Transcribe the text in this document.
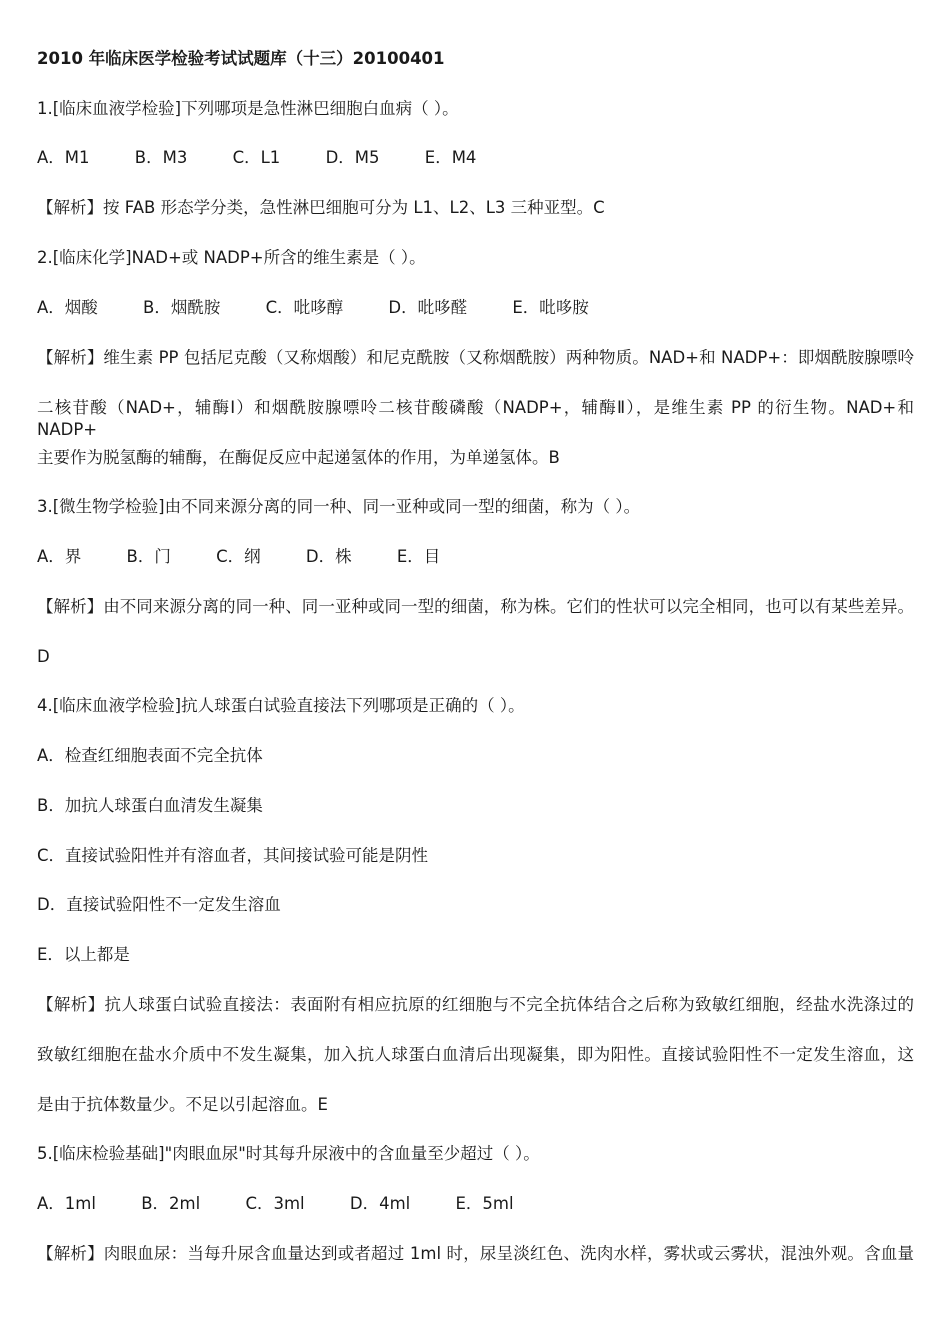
2010 年临床医学检验考试试题库（十三）20100401
1.[临床血液学检验]下列哪项是急性淋巴细胞白血病（ ）。
A．M1	B．M3	C．L1	D．M5	E．M4
【解析】按 FAB 形态学分类，急性淋巴细胞可分为 L1、L2、L3 三种亚型。C
2.[临床化学]NAD+或 NADP+所含的维生素是（ ）。
A．烟酸	B．烟酰胺	C．吡哆醇	D．吡哆醛	E．吡哆胺
【解析】维生素 PP 包括尼克酸（又称烟酸）和尼克酰胺（又称烟酰胺）两种物质。NAD+和 NADP+：即烟酰胺腺嘌呤
二核苷酸（NAD+，辅酶Ⅰ）和烟酰胺腺嘌呤二核苷酸磷酸（NADP+，辅酶Ⅱ），是维生素 PP 的衍生物。NAD+和 NADP+
主要作为脱氢酶的辅酶，在酶促反应中起递氢体的作用，为单递氢体。B
3.[微生物学检验]由不同来源分离的同一种、同一亚种或同一型的细菌，称为（ ）。
A．界	B．门	C．纲	D．株	E．目
【解析】由不同来源分离的同一种、同一亚种或同一型的细菌，称为株。它们的性状可以完全相同，也可以有某些差异。
D
4.[临床血液学检验]抗人球蛋白试验直接法下列哪项是正确的（ ）。
A．检查红细胞表面不完全抗体
B．加抗人球蛋白血清发生凝集
C．直接试验阳性并有溶血者，其间接试验可能是阴性
D．直接试验阳性不一定发生溶血
E．以上都是
【解析】抗人球蛋白试验直接法：表面附有相应抗原的红细胞与不完全抗体结合之后称为致敏红细胞，经盐水洗涤过的
致敏红细胞在盐水介质中不发生凝集，加入抗人球蛋白血清后出现凝集，即为阳性。直接试验阳性不一定发生溶血，这
是由于抗体数量少。不足以引起溶血。E
5.[临床检验基础]"肉眼血尿"时其每升尿液中的含血量至少超过（ ）。
A．1ml	B．2ml	C．3ml	D．4ml	E．5ml
【解析】肉眼血尿：当每升尿含血量达到或者超过 1ml 时，尿呈淡红色、洗肉水样，雾状或云雾状，混浊外观。含血量
